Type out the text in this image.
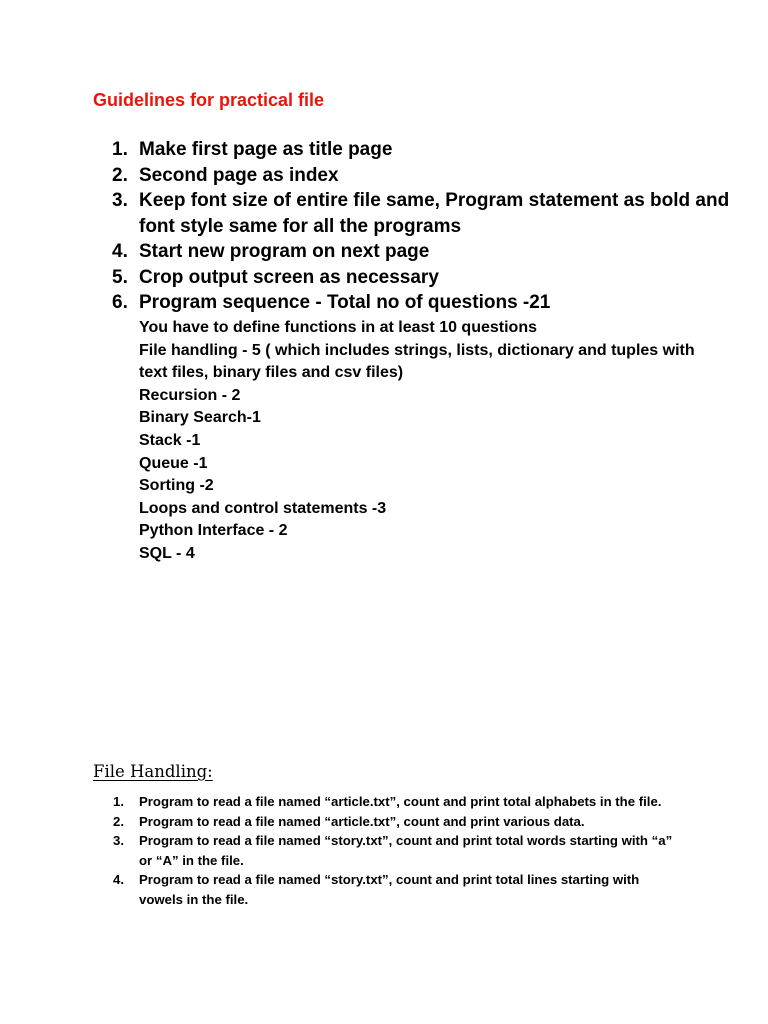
Guidelines for practical file
1. Make first page as title page
2. Second page as index
3. Keep font size of entire file same, Program statement as bold and font style same for all the programs
4. Start new program on next page
5. Crop output screen as necessary
6. Program sequence - Total no of questions -21
You have to define functions in at least 10 questions
File handling - 5 ( which includes strings, lists, dictionary and tuples with text files, binary files and csv files)
Recursion - 2
Binary Search-1
Stack -1
Queue -1
Sorting -2
Loops and control statements -3
Python Interface - 2
SQL - 4
File Handling:
1. Program to read a file named “article.txt”, count and print total alphabets in the file.
2. Program to read a file named “article.txt”, count and print various data.
3. Program to read a file named “story.txt”, count and print total words starting with “a” or “A” in the file.
4. Program to read a file named “story.txt”, count and print total lines starting with vowels in the file.
